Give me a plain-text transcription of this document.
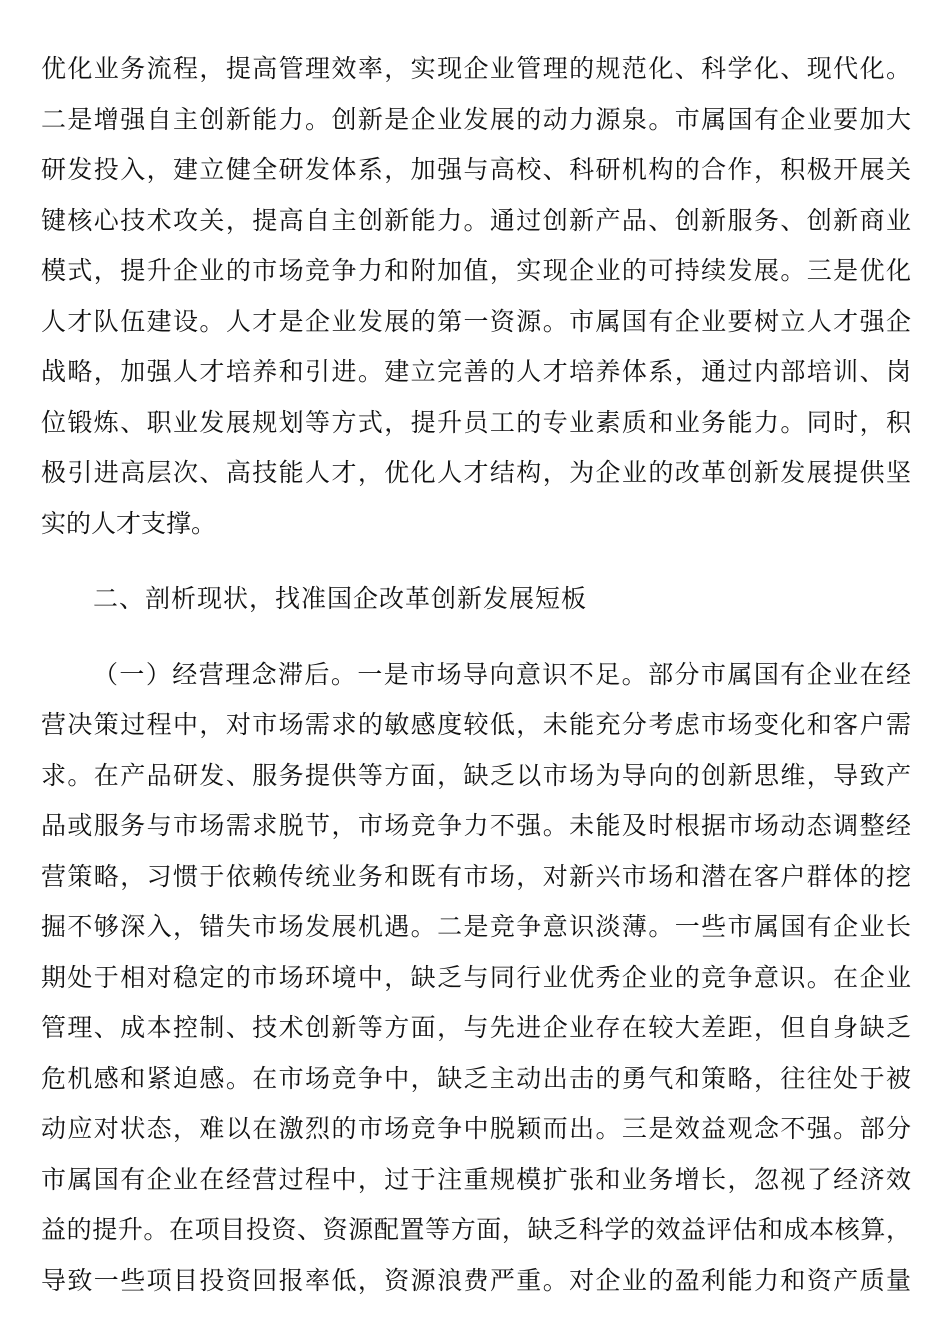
优化业务流程，提高管理效率，实现企业管理的规范化、科学化、现代化。
二是增强自主创新能力。创新是企业发展的动力源泉。市属国有企业要加大
研发投入，建立健全研发体系，加强与高校、科研机构的合作，积极开展关
键核心技术攻关，提高自主创新能力。通过创新产品、创新服务、创新商业
模式，提升企业的市场竞争力和附加值，实现企业的可持续发展。三是优化
人才队伍建设。人才是企业发展的第一资源。市属国有企业要树立人才强企
战略，加强人才培养和引进。建立完善的人才培养体系，通过内部培训、岗
位锻炼、职业发展规划等方式，提升员工的专业素质和业务能力。同时，积
极引进高层次、高技能人才，优化人才结构，为企业的改革创新发展提供坚
实的人才支撑。
二、剖析现状，找准国企改革创新发展短板
（一）经营理念滞后。一是市场导向意识不足。部分市属国有企业在经
营决策过程中，对市场需求的敏感度较低，未能充分考虑市场变化和客户需
求。在产品研发、服务提供等方面，缺乏以市场为导向的创新思维，导致产
品或服务与市场需求脱节，市场竞争力不强。未能及时根据市场动态调整经
营策略，习惯于依赖传统业务和既有市场，对新兴市场和潜在客户群体的挖
掘不够深入，错失市场发展机遇。二是竞争意识淡薄。一些市属国有企业长
期处于相对稳定的市场环境中，缺乏与同行业优秀企业的竞争意识。在企业
管理、成本控制、技术创新等方面，与先进企业存在较大差距，但自身缺乏
危机感和紧迫感。在市场竞争中，缺乏主动出击的勇气和策略，往往处于被
动应对状态，难以在激烈的市场竞争中脱颖而出。三是效益观念不强。部分
市属国有企业在经营过程中，过于注重规模扩张和业务增长，忽视了经济效
益的提升。在项目投资、资源配置等方面，缺乏科学的效益评估和成本核算，
导致一些项目投资回报率低，资源浪费严重。对企业的盈利能力和资产质量
